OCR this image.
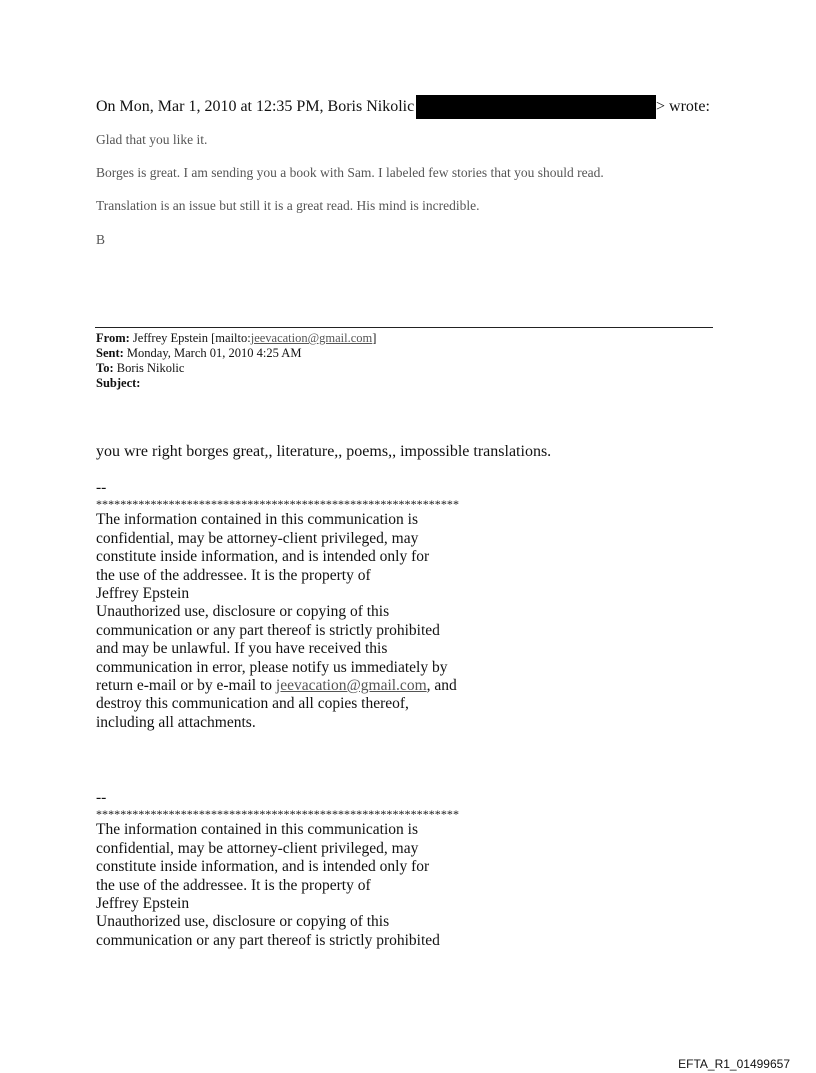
On Mon, Mar 1, 2010 at 12:35 PM, Boris Nikolic	> wrote:
Glad that you like it.
Borges is great. I am sending you a book with Sam. I labeled few stories that you should read.
Translation is an issue but still it is a great read. His mind is incredible.
B
From: Jeffrey Epstein [mailto:jeevacation@gmail.com]
Sent: Monday, March 01, 2010 4:25 AM
To: Boris Nikolic
Subject:
you wre right borges great,, literature,, poems,, impossible translations.
--
************************************************************
The information contained in this communication is
confidential, may be attorney-client privileged, may
constitute inside information, and is intended only for
the use of the addressee. It is the property of
Jeffrey Epstein
Unauthorized use, disclosure or copying of this
communication or any part thereof is strictly prohibited
and may be unlawful. If you have received this
communication in error, please notify us immediately by
return e-mail or by e-mail to jeevacation@gmail.com, and
destroy this communication and all copies thereof,
including all attachments.
--
************************************************************
The information contained in this communication is
confidential, may be attorney-client privileged, may
constitute inside information, and is intended only for
the use of the addressee. It is the property of
Jeffrey Epstein
Unauthorized use, disclosure or copying of this
communication or any part thereof is strictly prohibited
EFTA_R1_01499657
